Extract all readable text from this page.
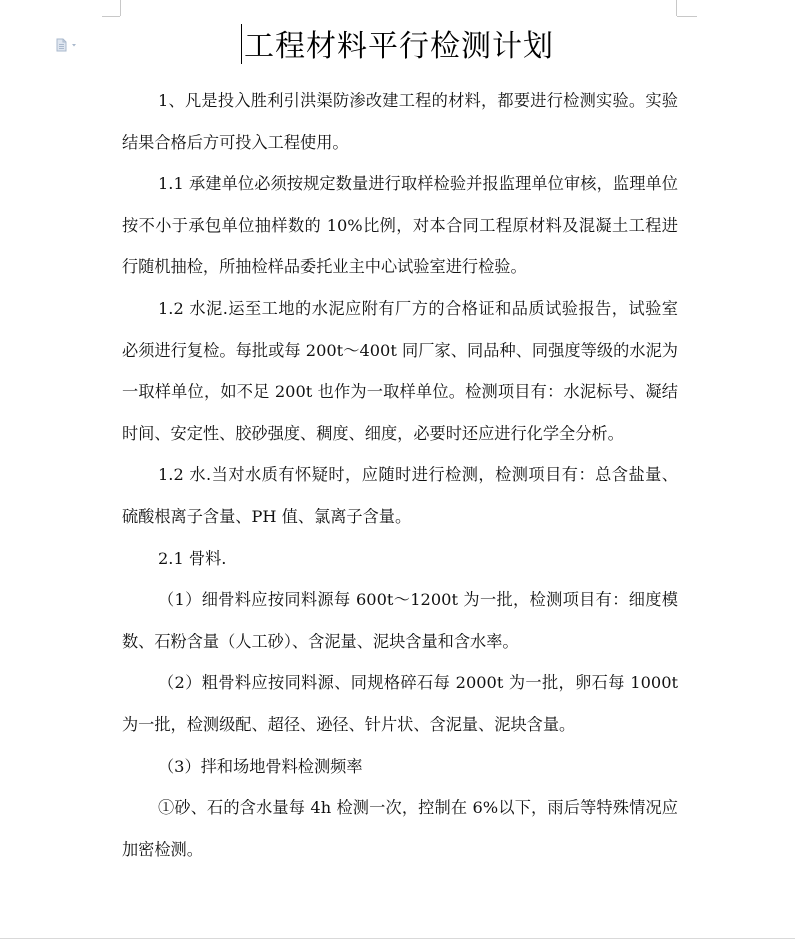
工程材料平行检测计划

1、凡是投入胜利引洪渠防渗改建工程的材料，都要进行检测实验。实验结果合格后方可投入工程使用。

1.1 承建单位必须按规定数量进行取样检验并报监理单位审核，监理单位按不小于承包单位抽样数的 10%比例，对本合同工程原材料及混凝土工程进行随机抽检，所抽检样品委托业主中心试验室进行检验。

1.2 水泥.运至工地的水泥应附有厂方的合格证和品质试验报告，试验室必须进行复检。每批或每 200t～400t 同厂家、同品种、同强度等级的水泥为一取样单位，如不足 200t 也作为一取样单位。检测项目有：水泥标号、凝结时间、安定性、胶砂强度、稠度、细度，必要时还应进行化学全分析。

1.2 水.当对水质有怀疑时，应随时进行检测，检测项目有：总含盐量、硫酸根离子含量、PH 值、氯离子含量。

2.1 骨料.

（1）细骨料应按同料源每 600t～1200t 为一批，检测项目有：细度模数、石粉含量（人工砂）、含泥量、泥块含量和含水率。

（2）粗骨料应按同料源、同规格碎石每 2000t 为一批，卵石每 1000t 为一批，检测级配、超径、逊径、针片状、含泥量、泥块含量。

（3）拌和场地骨料检测频率

①砂、石的含水量每 4h 检测一次，控制在 6%以下，雨后等特殊情况应加密检测。
